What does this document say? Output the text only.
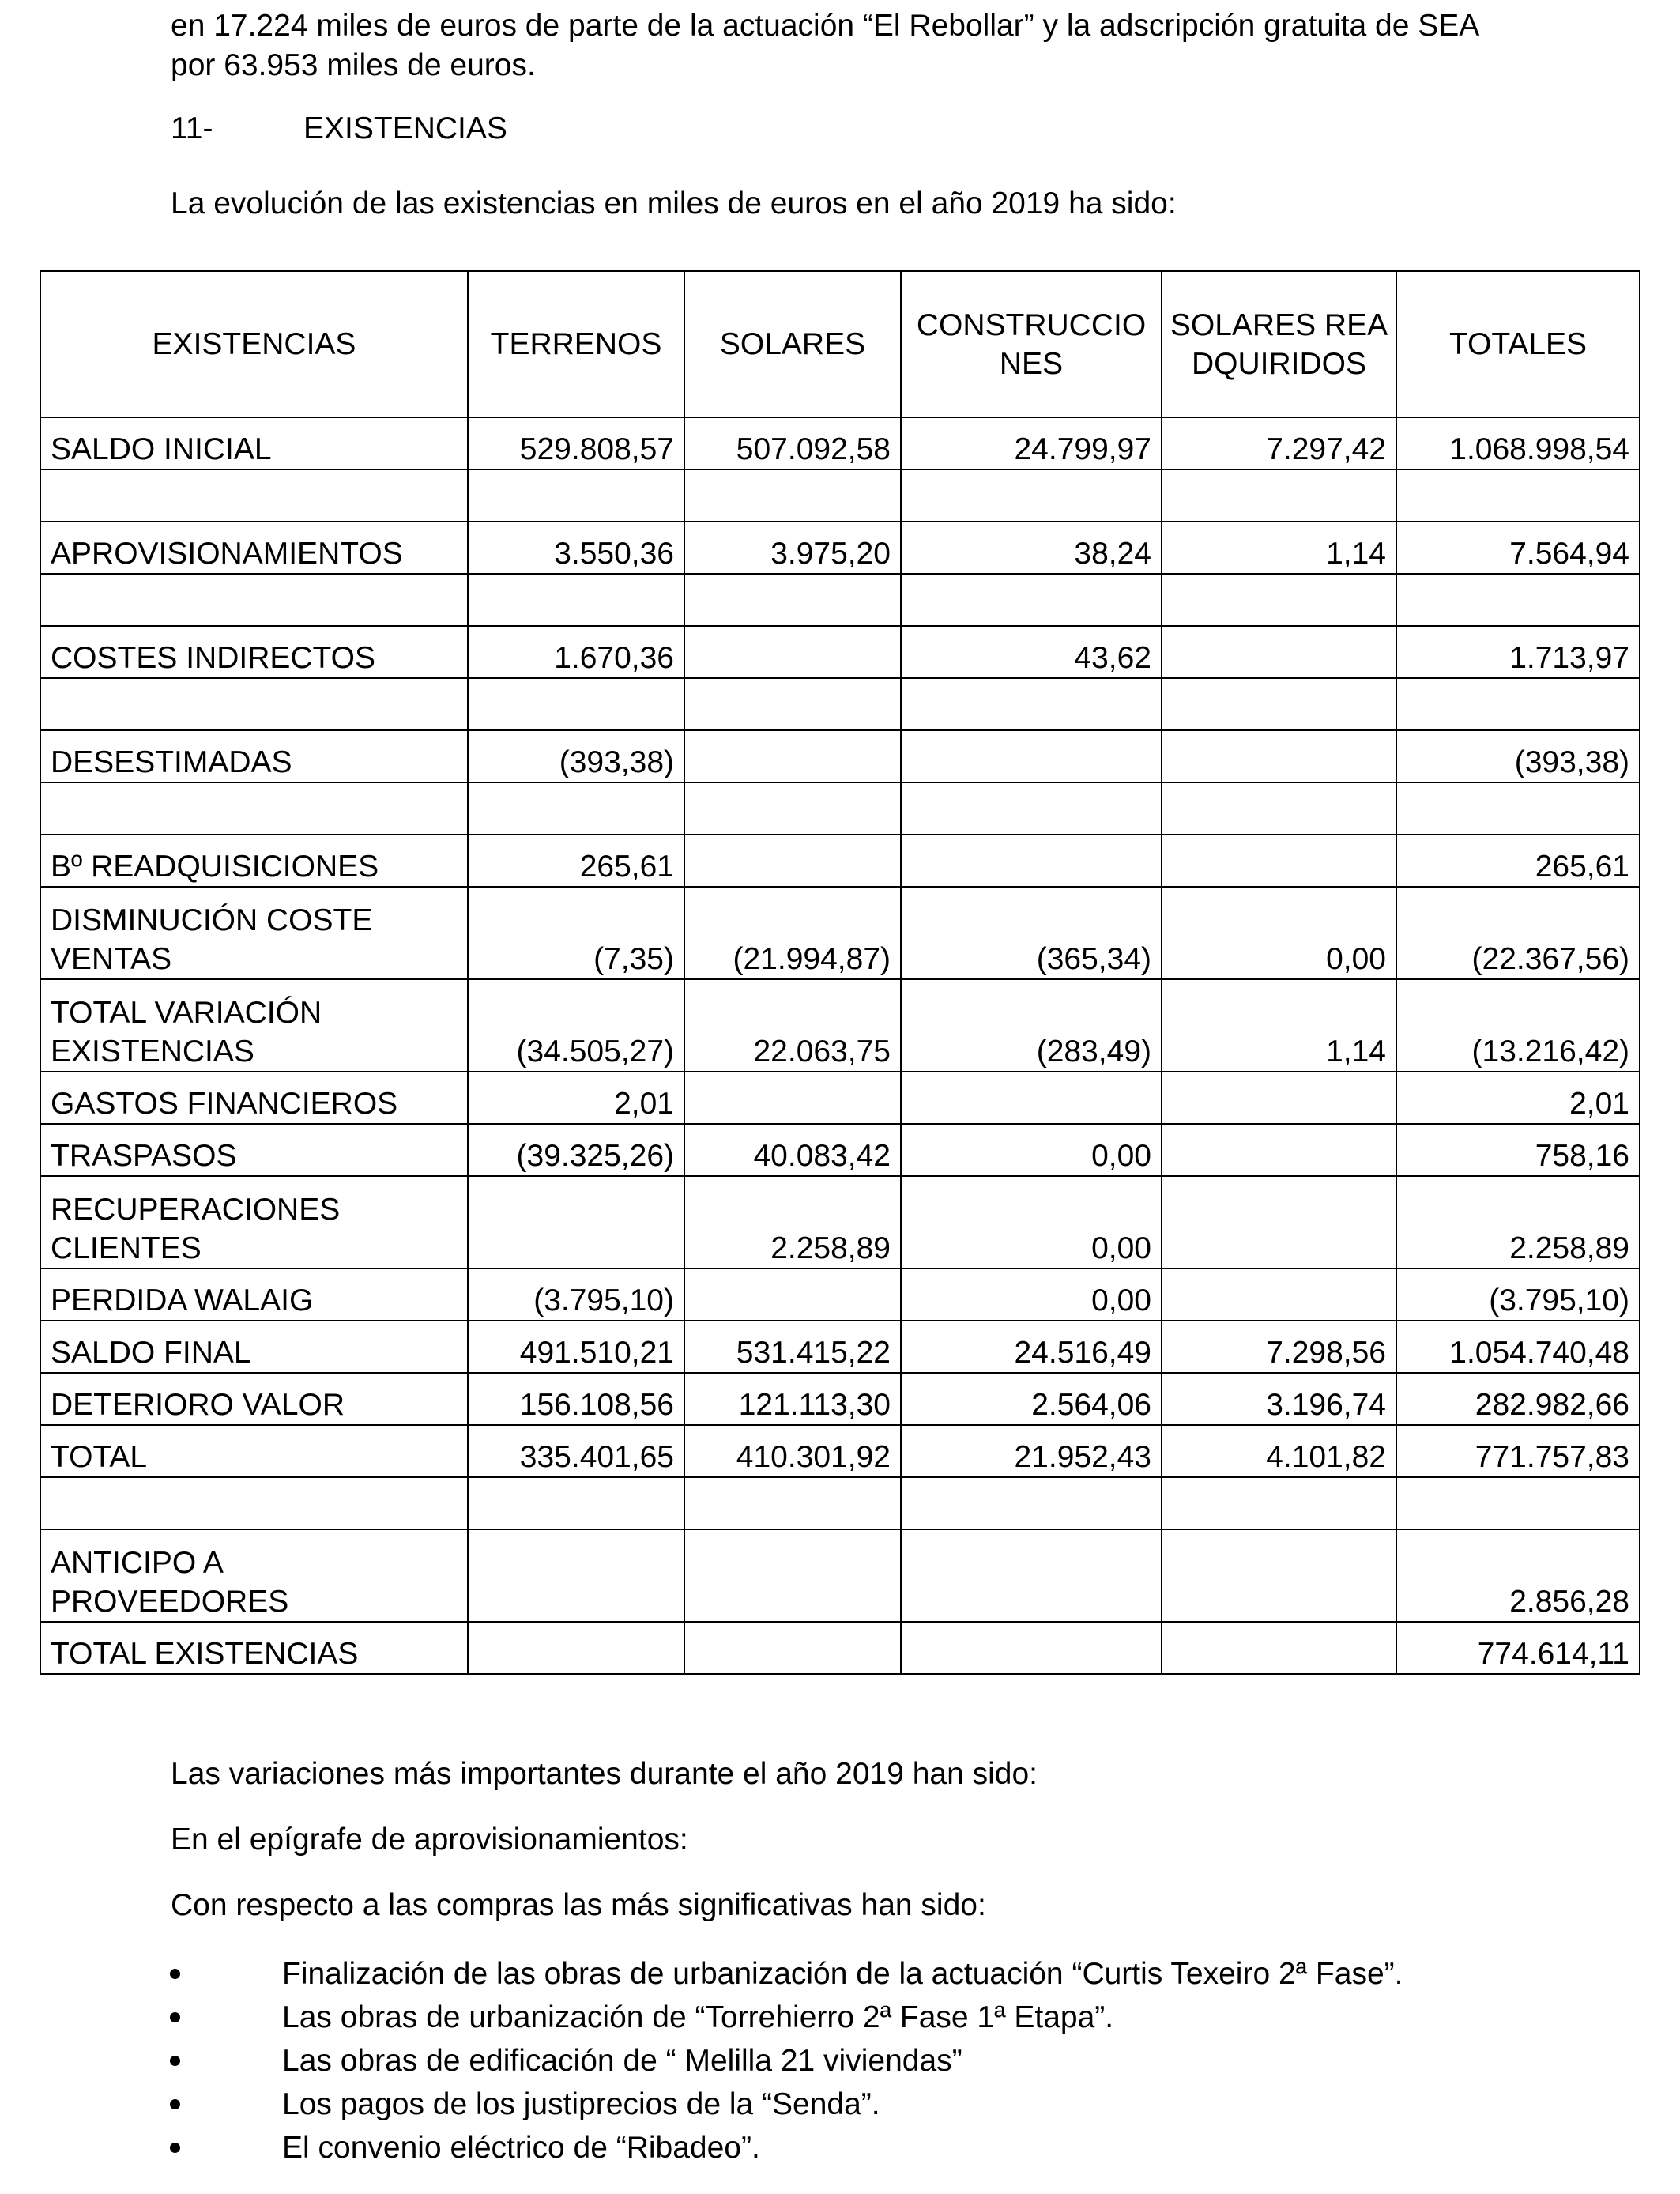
en 17.224 miles de euros de parte de la actuación “El Rebollar” y la adscripción gratuita de SEA
por 63.953 miles de euros.
11-	EXISTENCIAS
La evolución de las existencias en miles de euros en el año 2019 ha sido:
EXISTENCIAS	TERRENOS	SOLARES	CONSTRUCCIONES	SOLARES READQUIRIDOS	TOTALES
SALDO INICIAL	529.808,57	507.092,58	24.799,97	7.297,42	1.068.998,54

APROVISIONAMIENTOS	3.550,36	3.975,20	38,24	1,14	7.564,94

COSTES INDIRECTOS	1.670,36		43,62		1.713,97

DESESTIMADAS	(393,38)				(393,38)

Bº READQUISICIONES	265,61				265,61
DISMINUCIÓN COSTE VENTAS	(7,35)	(21.994,87)	(365,34)	0,00	(22.367,56)
TOTAL VARIACIÓN EXISTENCIAS	(34.505,27)	22.063,75	(283,49)	1,14	(13.216,42)
GASTOS FINANCIEROS	2,01				2,01
TRASPASOS	(39.325,26)	40.083,42	0,00		758,16
RECUPERACIONES CLIENTES		2.258,89	0,00		2.258,89
PERDIDA WALAIG	(3.795,10)		0,00		(3.795,10)
SALDO FINAL	491.510,21	531.415,22	24.516,49	7.298,56	1.054.740,48
DETERIORO VALOR	156.108,56	121.113,30	2.564,06	3.196,74	282.982,66
TOTAL	335.401,65	410.301,92	21.952,43	4.101,82	771.757,83

ANTICIPO A PROVEEDORES					2.856,28
TOTAL EXISTENCIAS					774.614,11
Las variaciones más importantes durante el año 2019 han sido:
En el epígrafe de aprovisionamientos:
Con respecto a las compras las más significativas han sido:
Finalización de las obras de urbanización de la actuación “Curtis Texeiro 2ª Fase”.
Las obras de urbanización de “Torrehierro 2ª Fase 1ª Etapa”.
Las obras de edificación de “ Melilla 21 viviendas”
Los pagos de los justiprecios de la “Senda”.
El convenio eléctrico de “Ribadeo”.
